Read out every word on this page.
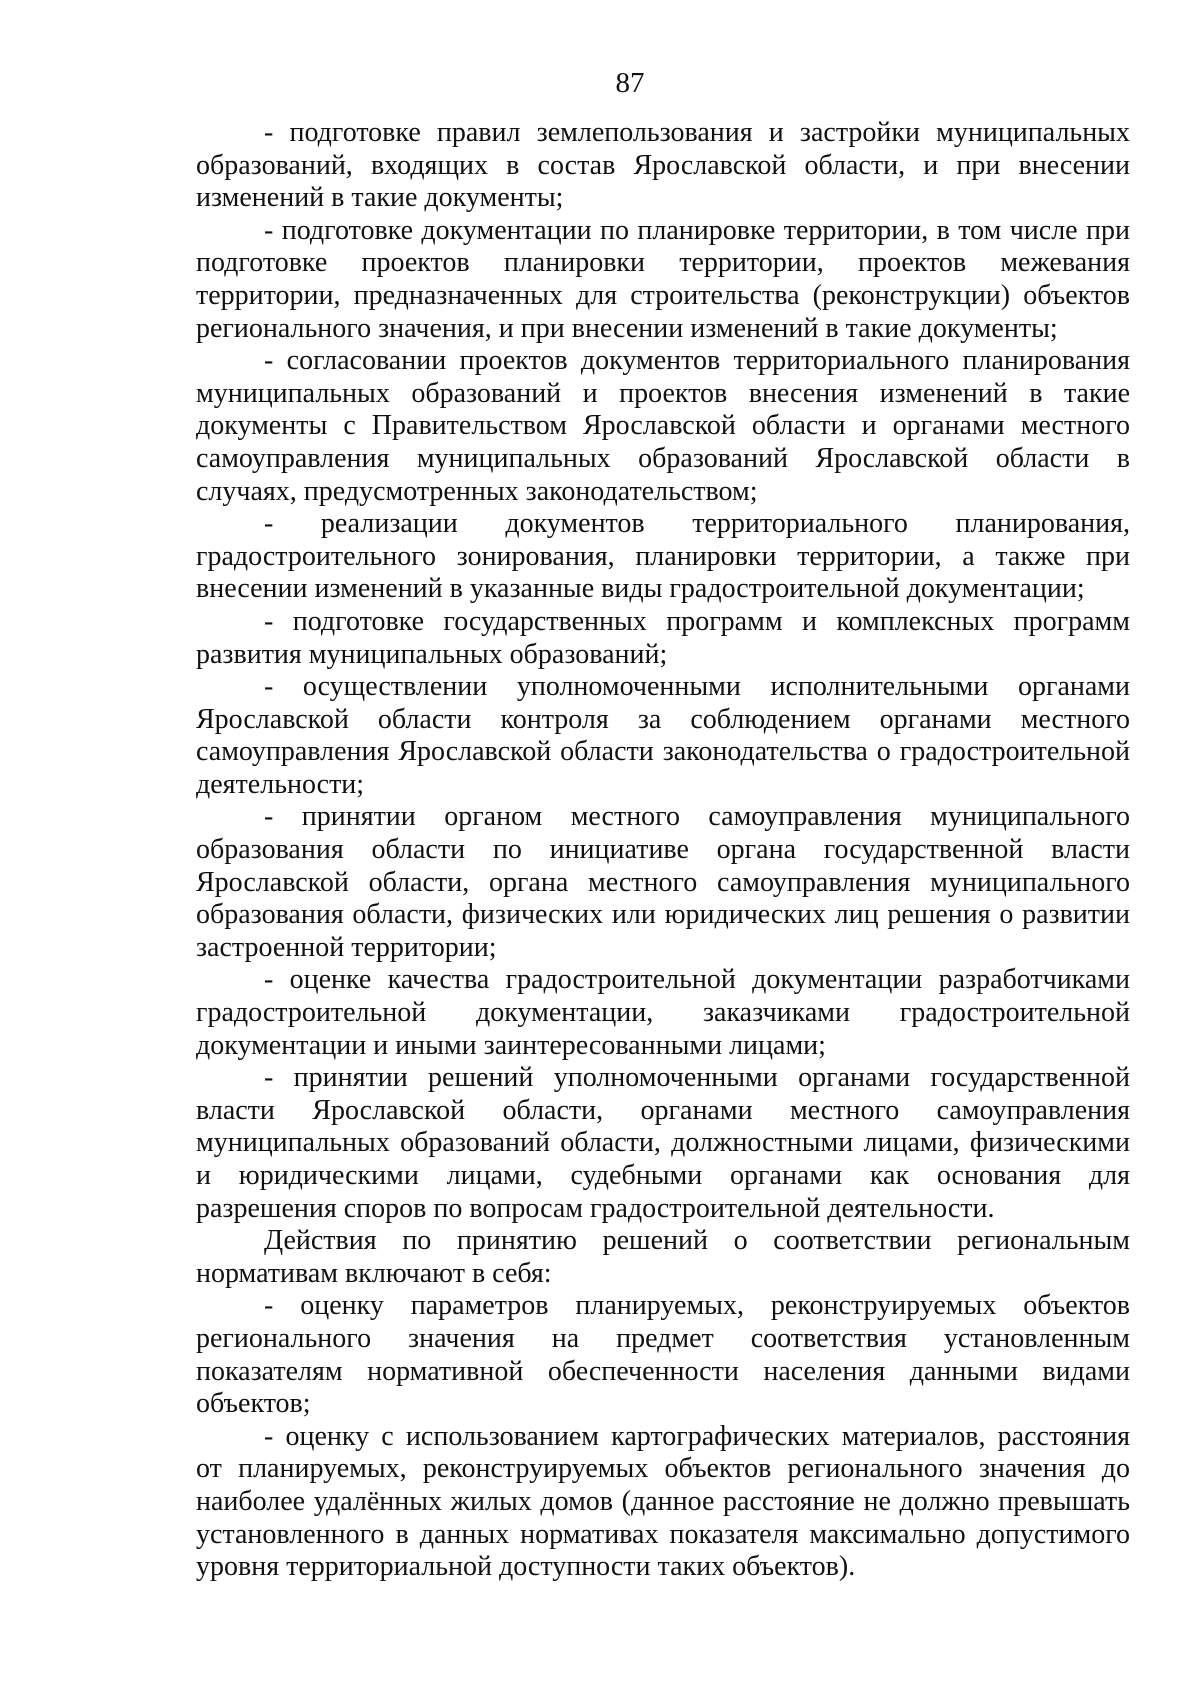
87

- подготовке правил землепользования и застройки муниципальных образований, входящих в состав Ярославской области, и при внесении изменений в такие документы;

- подготовке документации по планировке территории, в том числе при подготовке проектов планировки территории, проектов межевания территории, предназначенных для строительства (реконструкции) объектов регионального значения, и при внесении изменений в такие документы;

- согласовании проектов документов территориального планирования муниципальных образований и проектов внесения изменений в такие документы с Правительством Ярославской области и органами местного самоуправления муниципальных образований Ярославской области в случаях, предусмотренных законодательством;

- реализации документов территориального планирования, градостроительного зонирования, планировки территории, а также при внесении изменений в указанные виды градостроительной документации;

- подготовке государственных программ и комплексных программ развития муниципальных образований;

- осуществлении уполномоченными исполнительными органами Ярославской области контроля за соблюдением органами местного самоуправления Ярославской области законодательства о градостроительной деятельности;

- принятии органом местного самоуправления муниципального образования области по инициативе органа государственной власти Ярославской области, органа местного самоуправления муниципального образования области, физических или юридических лиц решения о развитии застроенной территории;

- оценке качества градостроительной документации разработчиками градостроительной документации, заказчиками градостроительной документации и иными заинтересованными лицами;

- принятии решений уполномоченными органами государственной власти Ярославской области, органами местного самоуправления муниципальных образований области, должностными лицами, физическими и юридическими лицами, судебными органами как основания для разрешения споров по вопросам градостроительной деятельности.

Действия по принятию решений о соответствии региональным нормативам включают в себя:

- оценку параметров планируемых, реконструируемых объектов регионального значения на предмет соответствия установленным показателям нормативной обеспеченности населения данными видами объектов;

- оценку с использованием картографических материалов, расстояния от планируемых, реконструируемых объектов регионального значения до наиболее удалённых жилых домов (данное расстояние не должно превышать установленного в данных нормативах показателя максимально допустимого уровня территориальной доступности таких объектов).
